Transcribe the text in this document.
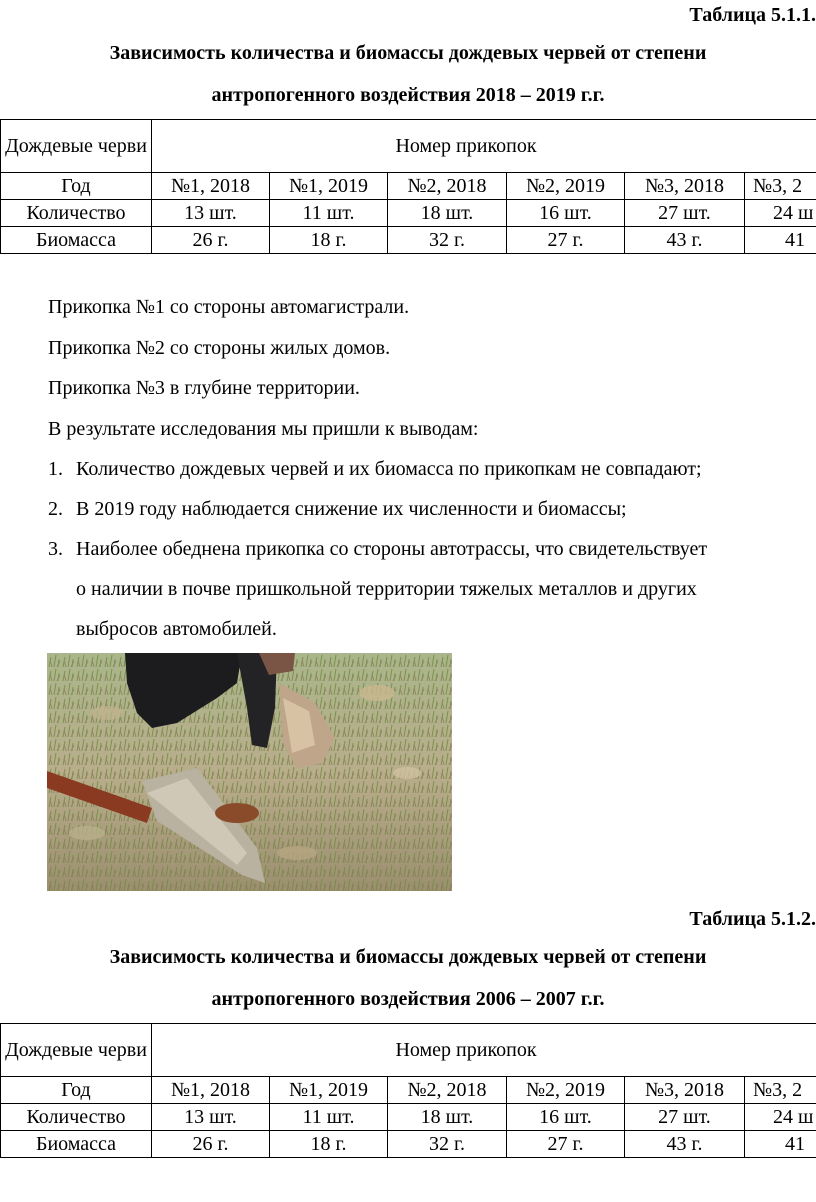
Таблица 5.1.1.
Зависимость количества и биомассы дождевых червей от степени
антропогенного воздействия 2018 – 2019 г.г.
Дождевые черви	Номер прикопок					
Год	№1, 2018	№1, 2019	№2, 2018	№2, 2019	№3, 2018	№3, 2
Количество	13 шт.	11 шт.	18 шт.	16 шт.	27 шт.	24 ш
Биомасса	26 г.	18 г.	32 г.	27 г.	43 г.	41
Прикопка №1 со стороны автомагистрали.
Прикопка №2 со стороны жилых домов.
Прикопка №3 в глубине территории.
В результате исследования мы пришли к выводам:
1. Количество дождевых червей и их биомасса по прикопкам не совпадают;
2. В 2019 году наблюдается снижение их численности и биомассы;
3. Наиболее обеднена прикопка со стороны автотрассы, что свидетельствует
о наличии в почве пришкольной территории тяжелых металлов и других
выбросов автомобилей.
Таблица 5.1.2.
Зависимость количества и биомассы дождевых червей от степени
антропогенного воздействия 2006 – 2007 г.г.
Дождевые черви	Номер прикопок					
Год	№1, 2018	№1, 2019	№2, 2018	№2, 2019	№3, 2018	№3, 2
Количество	13 шт.	11 шт.	18 шт.	16 шт.	27 шт.	24 ш
Биомасса	26 г.	18 г.	32 г.	27 г.	43 г.	41
